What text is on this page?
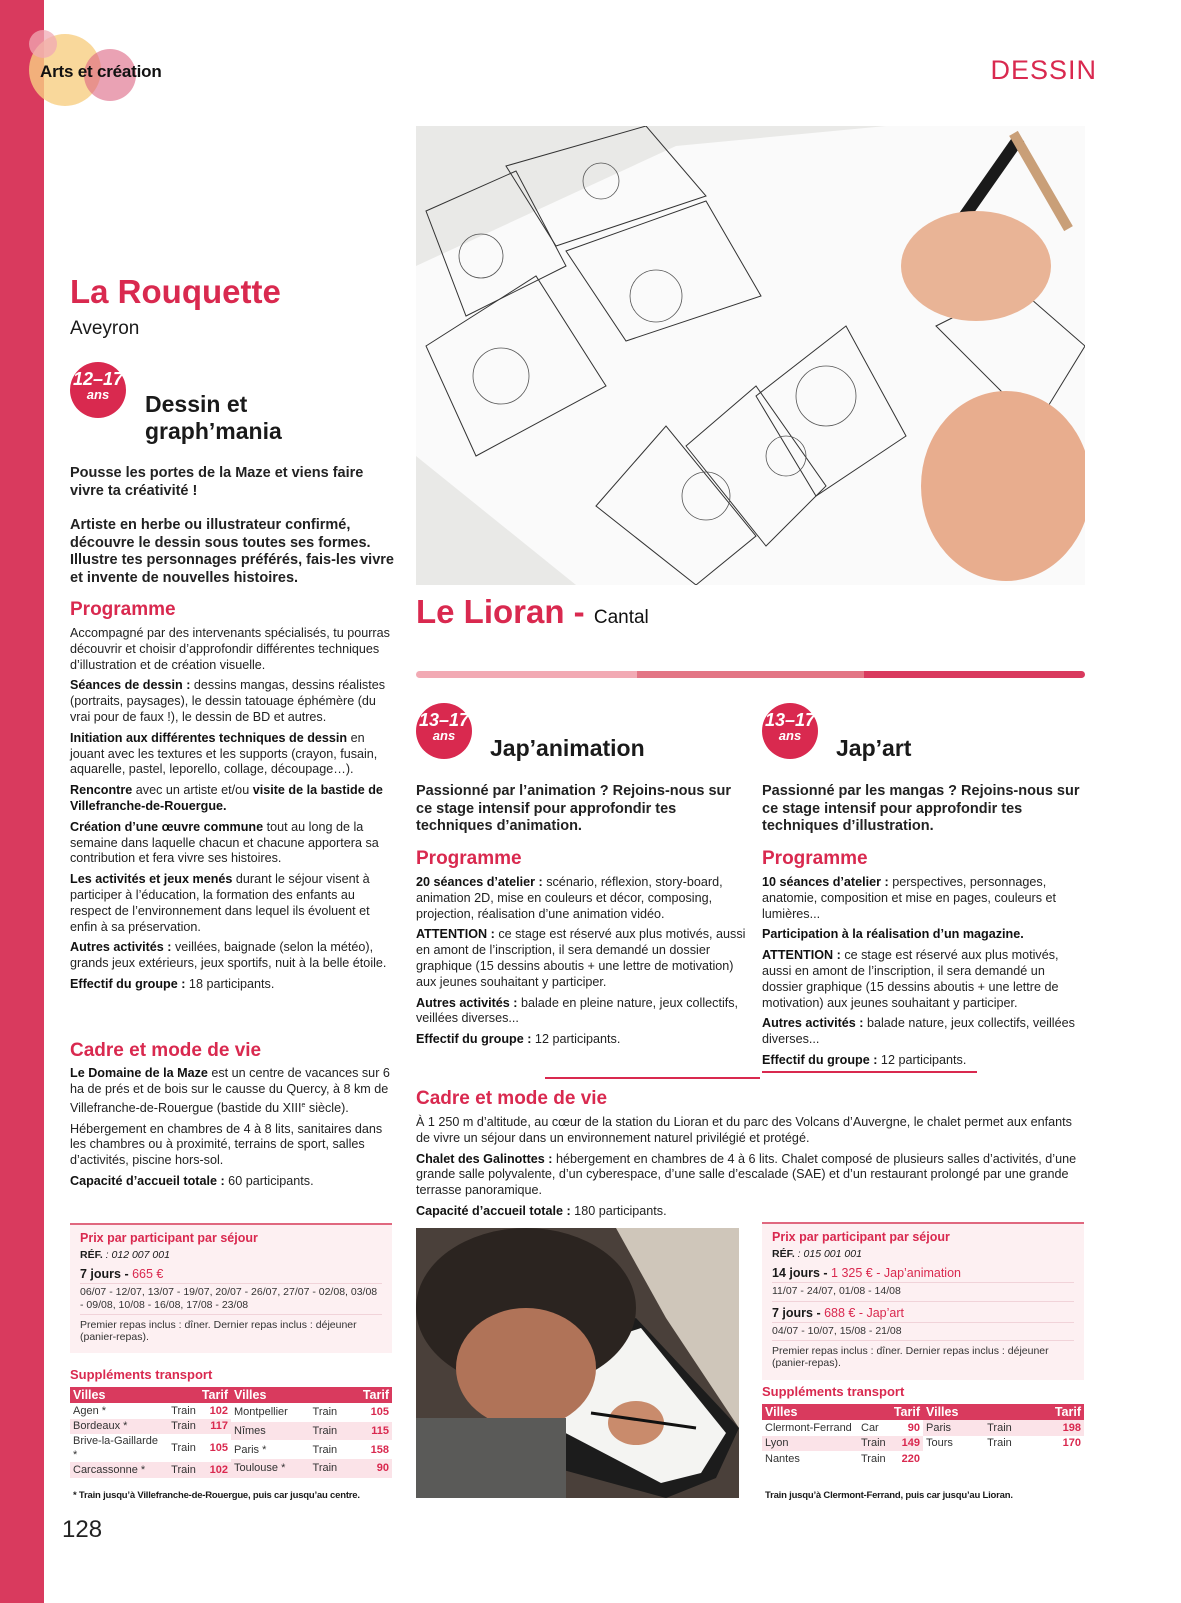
Arts et création	DESSIN
La Rouquette
Aveyron
12–17
ans	Dessin et
graph’mania

Pousse les portes de la Maze et viens faire vivre ta créativité !

Artiste en herbe ou illustrateur confirmé, découvre le dessin sous toutes ses formes. Illustre tes personnages préférés, fais-les vivre et invente de nouvelles histoires.

Programme

Accompagné par des intervenants spécialisés, tu pourras découvrir et choisir d’approfondir différentes techniques d’illustration et de création visuelle.

Séances de dessin : dessins mangas, dessins réalistes (portraits, paysages), le dessin tatouage éphémère (du vrai pour de faux !), le dessin de BD et autres.

Initiation aux différentes techniques de dessin en jouant avec les textures et les supports (crayon, fusain, aquarelle, pastel, leporello, collage, découpage…).

Rencontre avec un artiste et/ou visite de la bastide de Villefranche-de-Rouergue.

Création d’une œuvre commune tout au long de la semaine dans laquelle chacun et chacune apportera sa contribution et fera vivre ses histoires.

Les activités et jeux menés durant le séjour visent à participer à l’éducation, la formation des enfants au respect de l’environnement dans lequel ils évoluent et enfin à sa préservation.

Autres activités : veillées, baignade (selon la météo), grands jeux extérieurs, jeux sportifs, nuit à la belle étoile.

Effectif du groupe : 18 participants.

Cadre et mode de vie

Le Domaine de la Maze est un centre de vacances sur 6 ha de prés et de bois sur le causse du Quercy, à 8 km de Villefranche-de-Rouergue (bastide du XIIIe siècle).

Hébergement en chambres de 4 à 8 lits, sanitaires dans les chambres ou à proximité, terrains de sport, salles d’activités, piscine hors-sol.

Capacité d’accueil totale : 60 participants.

Prix par participant par séjour
RÉF. : 012 007 001
7 jours - 665 €
06/07 - 12/07, 13/07 - 19/07, 20/07 - 26/07, 27/07 - 02/08, 03/08 - 09/08, 10/08 - 16/08, 17/08 - 23/08
Premier repas inclus : dîner. Dernier repas inclus : déjeuner (panier-repas).
Suppléments transport
Villes		Tarif
Agen *	Train	102
Bordeaux *	Train	117
Brive-la-Gaillarde *	Train	105
Carcassonne *	Train	102
Villes		Tarif
Montpellier	Train	105
Nîmes	Train	115
Paris *	Train	158
Toulouse *	Train	90
* Train jusqu’à Villefranche-de-Rouergue, puis car jusqu’au centre.
128
Le Lioran - Cantal
13–17
ans	Jap’animation
Passionné par l’animation ? Rejoins-nous sur ce stage intensif pour approfondir tes techniques d’animation.
Programme

20 séances d’atelier : scénario, réflexion, story-board, animation 2D, mise en couleurs et décor, composing, projection, réalisation d’une animation vidéo.

ATTENTION : ce stage est réservé aux plus motivés, aussi en amont de l’inscription, il sera demandé un dossier graphique (15 dessins aboutis + une lettre de motivation) aux jeunes souhaitant y participer.

Autres activités : balade en pleine nature, jeux collectifs, veillées diverses...

Effectif du groupe : 12 participants.

13–17
ans	Jap’art
Passionné par les mangas ? Rejoins-nous sur ce stage intensif pour approfondir tes techniques d’illustration.
Programme

10 séances d’atelier : perspectives, personnages, anatomie, composition et mise en pages, couleurs et lumières...

Participation à la réalisation d’un magazine.

ATTENTION : ce stage est réservé aux plus motivés, aussi en amont de l’inscription, il sera demandé un dossier graphique (15 dessins aboutis + une lettre de motivation) aux jeunes souhaitant y participer.

Autres activités : balade nature, jeux collectifs, veillées diverses...

Effectif du groupe : 12 participants.

Cadre et mode de vie

À 1 250 m d’altitude, au cœur de la station du Lioran et du parc des Volcans d’Auvergne, le chalet permet aux enfants de vivre un séjour dans un environnement naturel privilégié et protégé.

Chalet des Galinottes : hébergement en chambres de 4 à 6 lits. Chalet composé de plusieurs salles d’activités, d’une grande salle polyvalente, d’un cyberespace, d’une salle d’escalade (SAE) et d’un restaurant prolongé par une grande terrasse panoramique.

Capacité d’accueil totale : 180 participants.

Prix par participant par séjour
RÉF. : 015 001 001
14 jours - 1 325 € - Jap’animation
11/07 - 24/07, 01/08 - 14/08
7 jours - 688 € - Jap’art
04/07 - 10/07, 15/08 - 21/08
Premier repas inclus : dîner. Dernier repas inclus : déjeuner (panier-repas).
Suppléments transport
Villes		Tarif
Clermont-Ferrand	Car	90
Lyon	Train	149
Nantes	Train	220
Villes		Tarif
Paris	Train	198
Tours	Train	170
Train jusqu’à Clermont-Ferrand, puis car jusqu’au Lioran.
